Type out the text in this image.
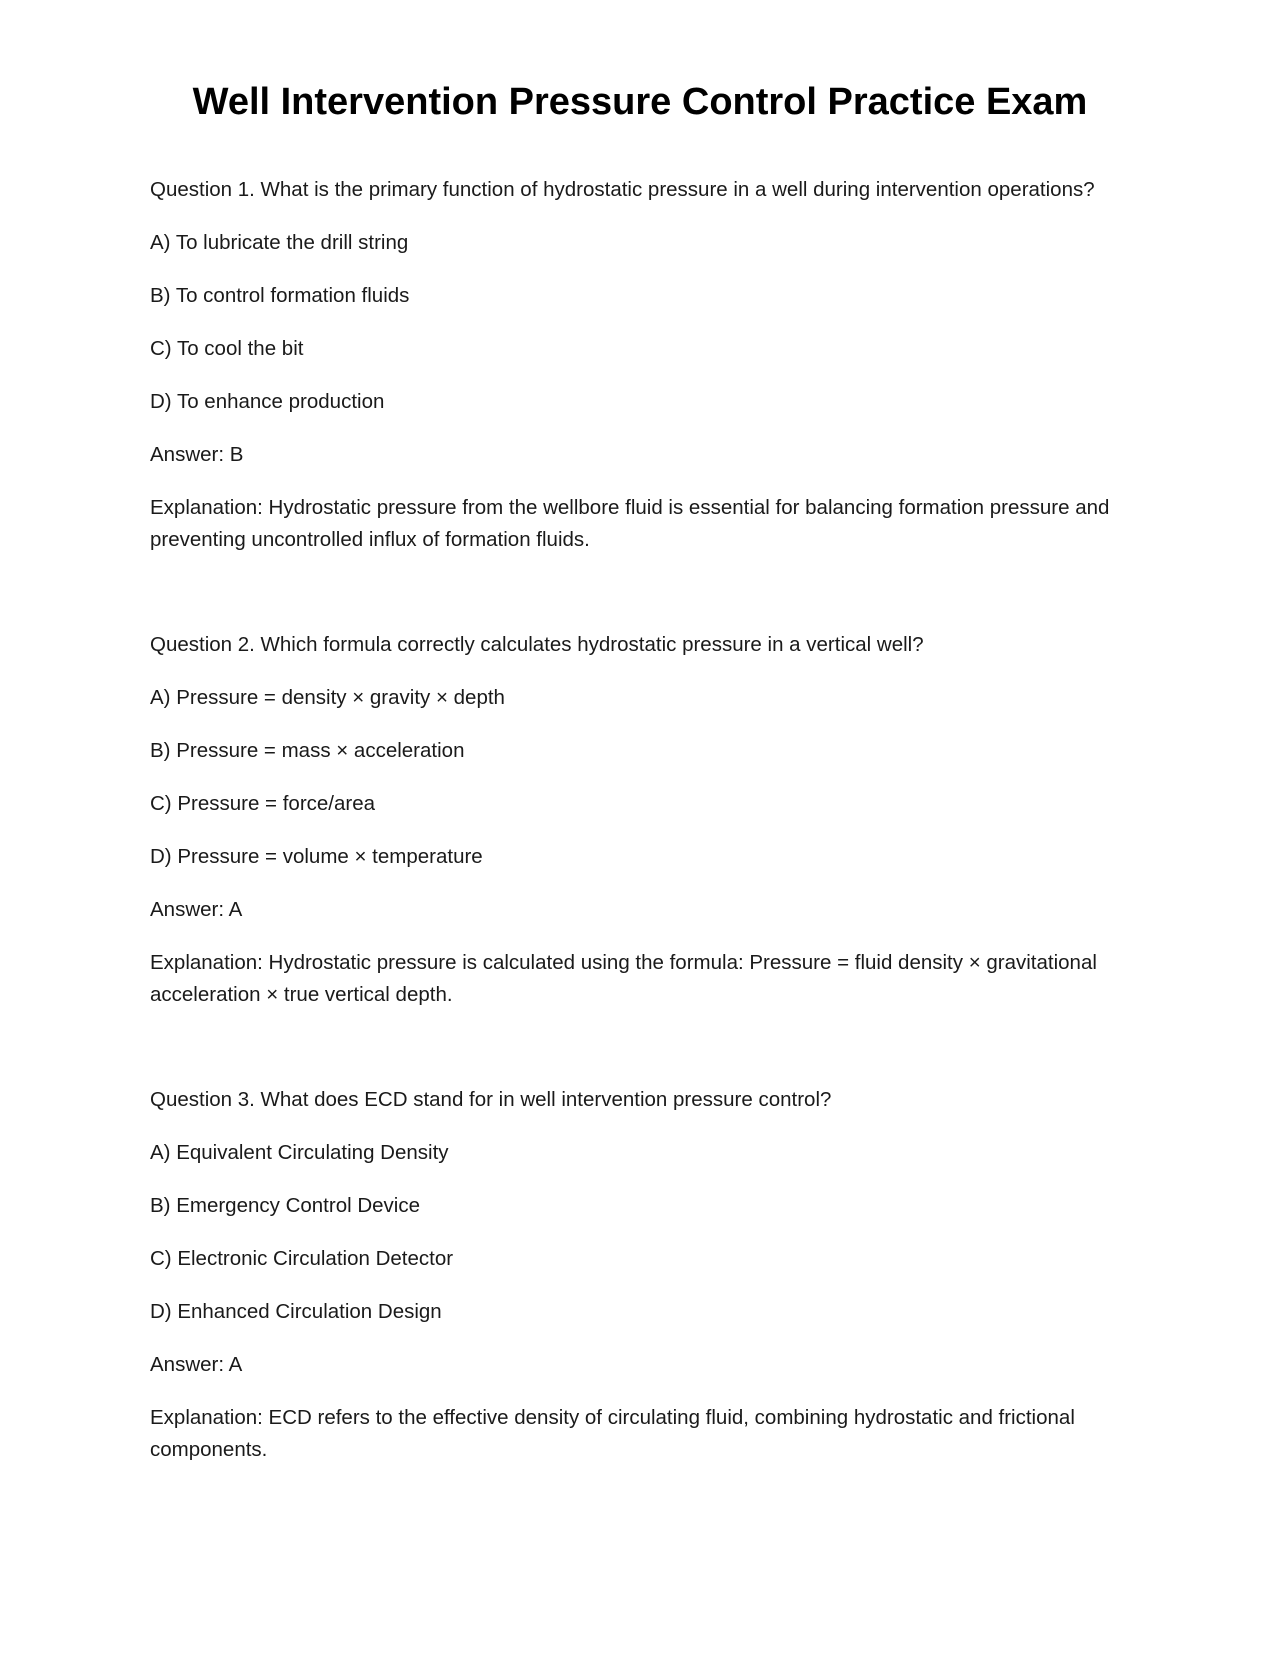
Well Intervention Pressure Control Practice Exam

Question 1. What is the primary function of hydrostatic pressure in a well during intervention operations?

A) To lubricate the drill string

B) To control formation fluids

C) To cool the bit

D) To enhance production

Answer: B

Explanation: Hydrostatic pressure from the wellbore fluid is essential for balancing formation pressure and preventing uncontrolled influx of formation fluids.

Question 2. Which formula correctly calculates hydrostatic pressure in a vertical well?

A) Pressure = density × gravity × depth

B) Pressure = mass × acceleration

C) Pressure = force/area

D) Pressure = volume × temperature

Answer: A

Explanation: Hydrostatic pressure is calculated using the formula: Pressure = fluid density × gravitational acceleration × true vertical depth.

Question 3. What does ECD stand for in well intervention pressure control?

A) Equivalent Circulating Density

B) Emergency Control Device

C) Electronic Circulation Detector

D) Enhanced Circulation Design

Answer: A

Explanation: ECD refers to the effective density of circulating fluid, combining hydrostatic and frictional components.
